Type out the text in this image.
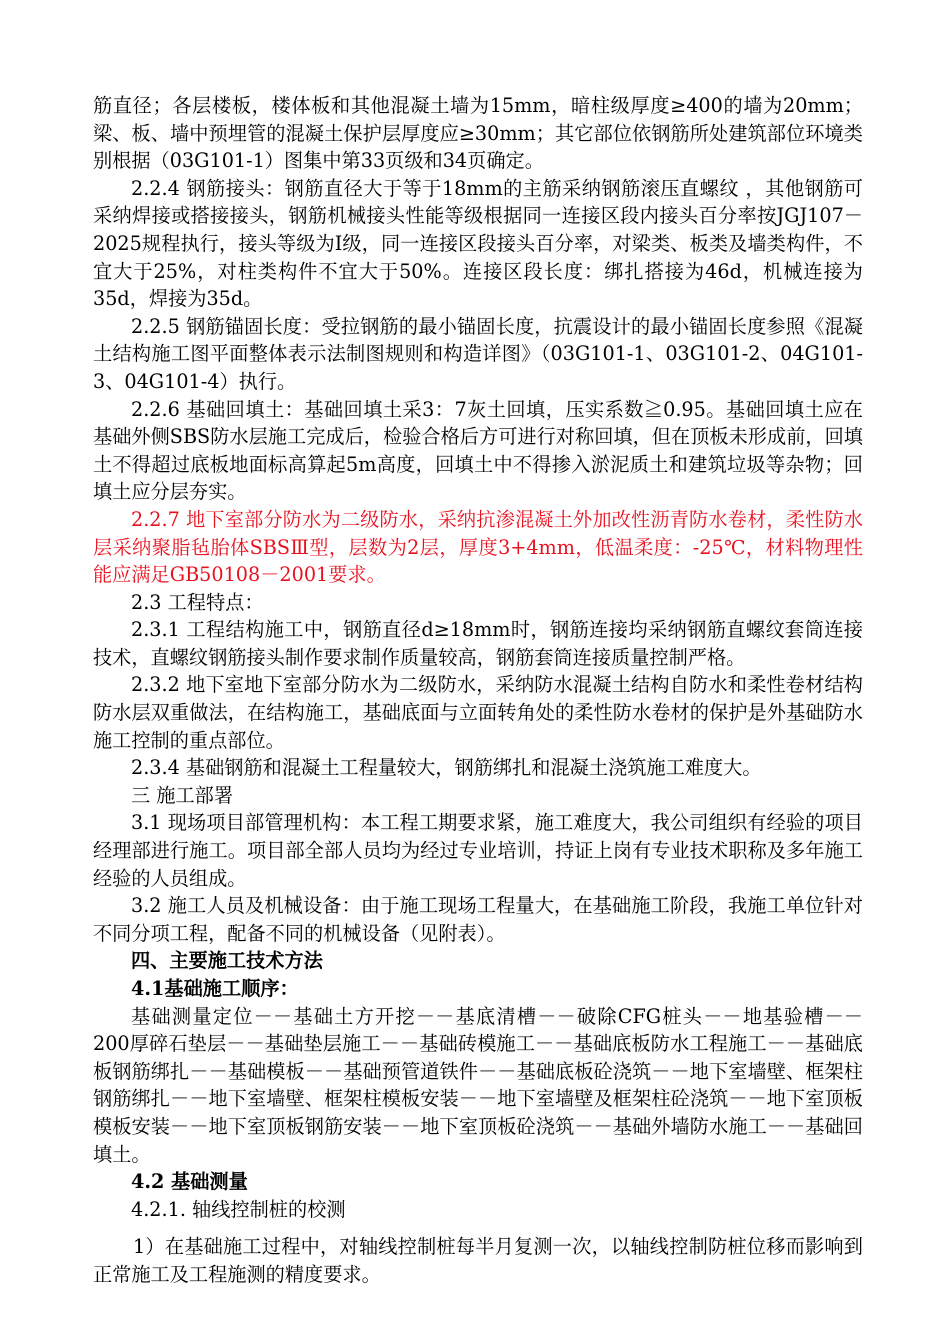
筋直径；各层楼板，楼体板和其他混凝土墙为15mm，暗柱级厚度≥400的墙为20mm；梁、板、墙中预埋管的混凝土保护层厚度应≥30mm；其它部位依钢筋所处建筑部位环境类别根据（03G101-1）图集中第33页级和34页确定。

2.2.4 钢筋接头：钢筋直径大于等于18mm的主筋采纳钢筋滚压直螺纹 ，其他钢筋可采纳焊接或搭接接头，钢筋机械接头性能等级根据同一连接区段内接头百分率按JGJ107－2025规程执行，接头等级为Ⅰ级，同一连接区段接头百分率，对梁类、板类及墙类构件，不宜大于25%，对柱类构件不宜大于50%。连接区段长度：绑扎搭接为46d，机械连接为35d，焊接为35d。

2.2.5 钢筋锚固长度：受拉钢筋的最小锚固长度，抗震设计的最小锚固长度参照《混凝土结构施工图平面整体表示法制图规则和构造详图》（03G101-1、03G101-2、04G101-3、04G101-4）执行。

2.2.6 基础回填土：基础回填土采3：7灰土回填，压实系数≧0.95。基础回填土应在基础外侧SBS防水层施工完成后，检验合格后方可进行对称回填，但在顶板未形成前，回填土不得超过底板地面标高算起5m高度，回填土中不得掺入淤泥质土和建筑垃圾等杂物；回填土应分层夯实。

2.2.7 地下室部分防水为二级防水，采纳抗渗混凝土外加改性沥青防水卷材，柔性防水层采纳聚脂毡胎体SBSⅢ型，层数为2层，厚度3+4mm，低温柔度：-25℃，材料物理性能应满足GB50108－2001要求。

2.3 工程特点：

2.3.1 工程结构施工中，钢筋直径d≥18mm时，钢筋连接均采纳钢筋直螺纹套筒连接技术，直螺纹钢筋接头制作要求制作质量较高，钢筋套筒连接质量控制严格。

2.3.2 地下室地下室部分防水为二级防水，采纳防水混凝土结构自防水和柔性卷材结构防水层双重做法，在结构施工，基础底面与立面转角处的柔性防水卷材的保护是外基础防水施工控制的重点部位。

2.3.4 基础钢筋和混凝土工程量较大，钢筋绑扎和混凝土浇筑施工难度大。

三 施工部署

3.1 现场项目部管理机构：本工程工期要求紧，施工难度大，我公司组织有经验的项目经理部进行施工。项目部全部人员均为经过专业培训，持证上岗有专业技术职称及多年施工经验的人员组成。

3.2 施工人员及机械设备：由于施工现场工程量大，在基础施工阶段，我施工单位针对不同分项工程，配备不同的机械设备（见附表）。

四、主要施工技术方法

4.1基础施工顺序：

基础测量定位－－基础土方开挖－－基底清槽－－破除CFG桩头－－地基验槽－－200厚碎石垫层－－基础垫层施工－－基础砖模施工－－基础底板防水工程施工－－基础底板钢筋绑扎－－基础模板－－基础预管道铁件－－基础底板砼浇筑－－地下室墙壁、框架柱钢筋绑扎－－地下室墙壁、框架柱模板安装－－地下室墙壁及框架柱砼浇筑－－地下室顶板模板安装－－地下室顶板钢筋安装－－地下室顶板砼浇筑－－基础外墙防水施工－－基础回填土。

4.2 基础测量

4.2.1. 轴线控制桩的校测

1）在基础施工过程中，对轴线控制桩每半月复测一次，以轴线控制防桩位移而影响到正常施工及工程施测的精度要求。
